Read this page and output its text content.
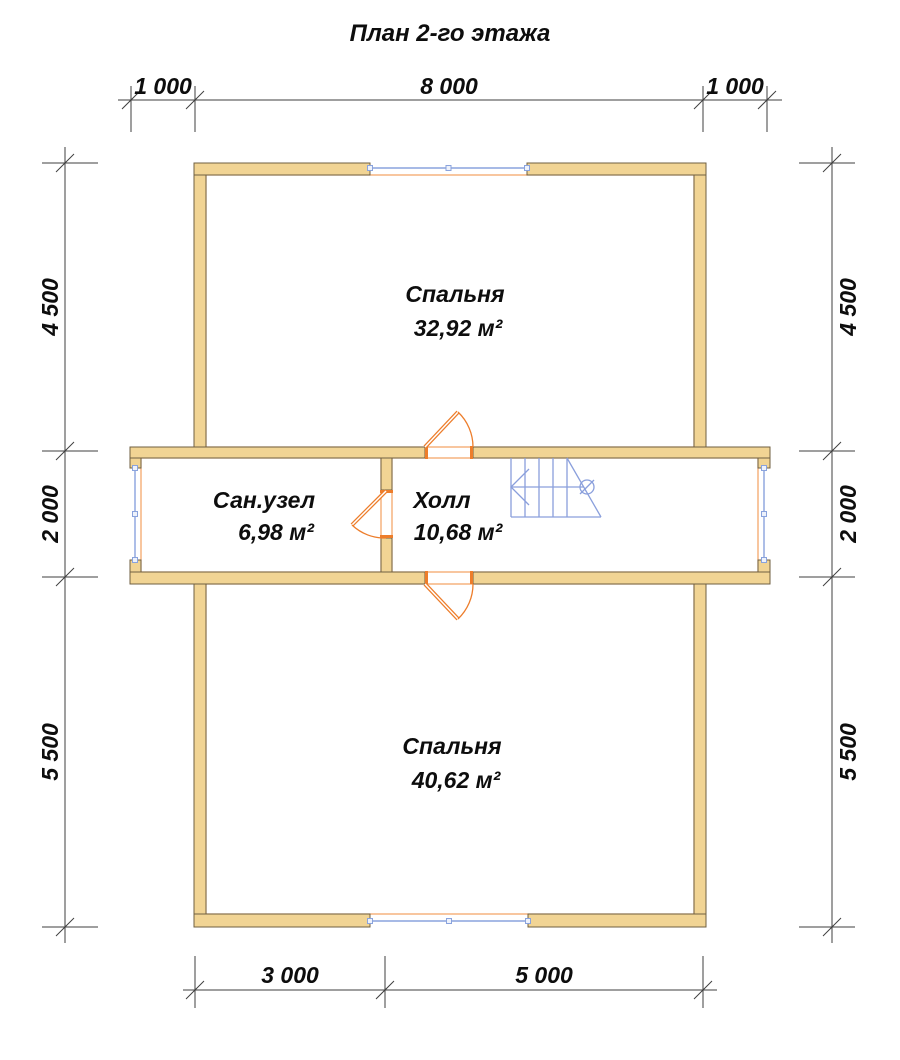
1 000	8 000	1 000
3 000	5 000
4 500
2 000
5 500
4 500
2 000
5 500
План 2-го этажа
Спальня
32,92 м²
Сан.узел
6,98 м²
Холл
10,68 м²
Спальня
40,62 м²
